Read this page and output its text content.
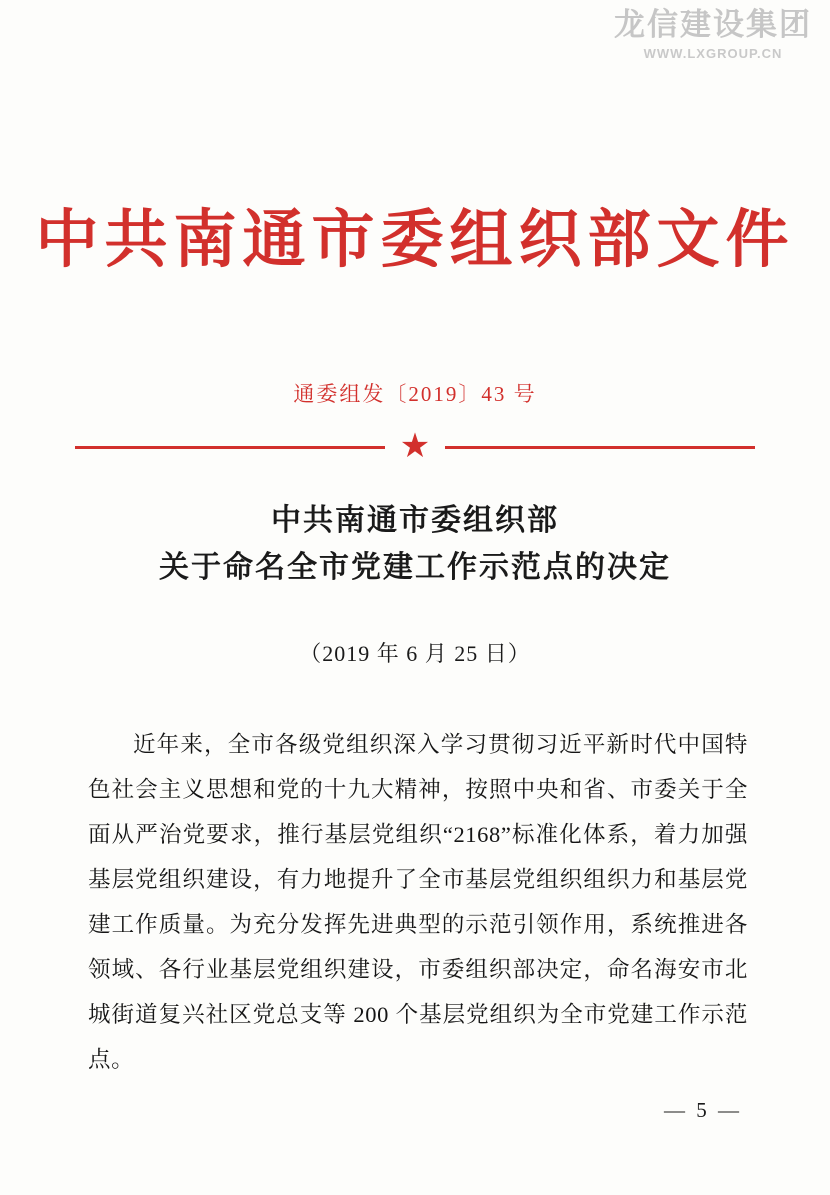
龙信建设集团
WWW.LXGROUP.CN
中共南通市委组织部文件
通委组发〔2019〕43 号
★
中共南通市委组织部
关于命名全市党建工作示范点的决定
（2019 年 6 月 25 日）

近年来，全市各级党组织深入学习贯彻习近平新时代中国特色社会主义思想和党的十九大精神，按照中央和省、市委关于全面从严治党要求，推行基层党组织“2168”标准化体系，着力加强基层党组织建设，有力地提升了全市基层党组织组织力和基层党建工作质量。为充分发挥先进典型的示范引领作用，系统推进各领域、各行业基层党组织建设，市委组织部决定，命名海安市北城街道复兴社区党总支等 200 个基层党组织为全市党建工作示范点。

— 5 —
